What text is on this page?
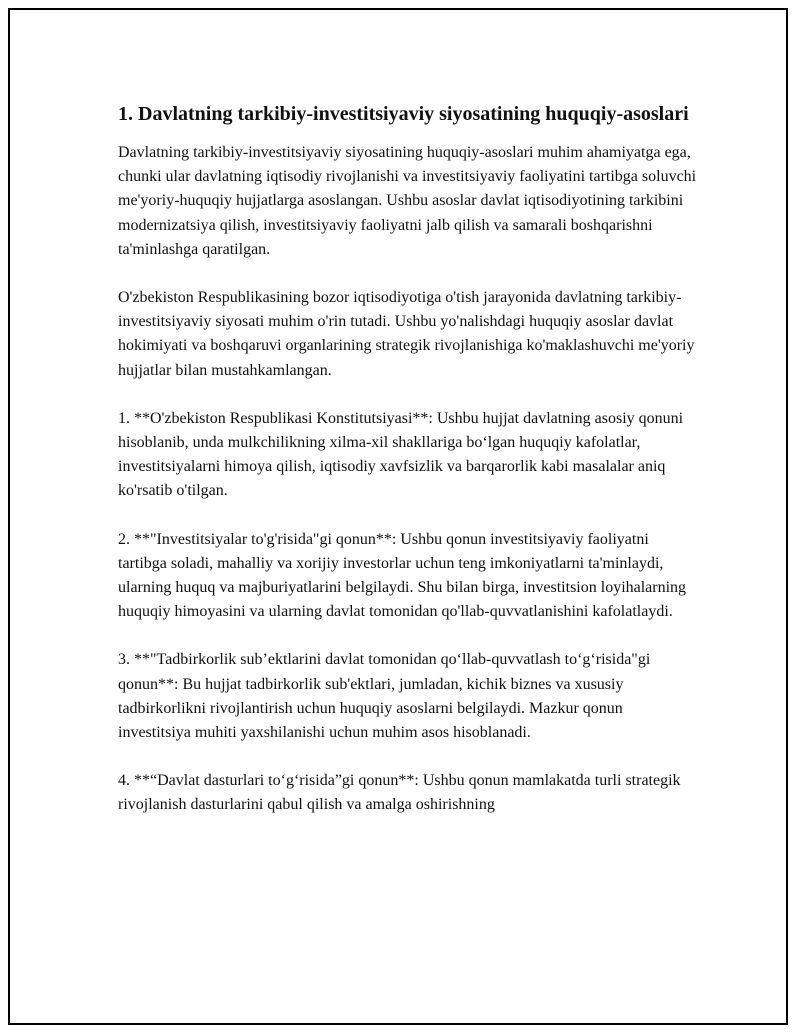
1. Davlatning tarkibiy-investitsiyaviy siyosatining huquqiy-asoslari

Davlatning tarkibiy-investitsiyaviy siyosatining huquqiy-asoslari muhim ahamiyatga ega, chunki ular davlatning iqtisodiy rivojlanishi va investitsiyaviy faoliyatini tartibga soluvchi me'yoriy-huquqiy hujjatlarga asoslangan. Ushbu asoslar davlat iqtisodiyotining tarkibini modernizatsiya qilish, investitsiyaviy faoliyatni jalb qilish va samarali boshqarishni ta'minlashga qaratilgan.

O'zbekiston Respublikasining bozor iqtisodiyotiga o'tish jarayonida davlatning tarkibiy-investitsiyaviy siyosati muhim o'rin tutadi. Ushbu yo'nalishdagi huquqiy asoslar davlat hokimiyati va boshqaruvi organlarining strategik rivojlanishiga ko'maklashuvchi me'yoriy hujjatlar bilan mustahkamlangan.

1. **O'zbekiston Respublikasi Konstitutsiyasi**: Ushbu hujjat davlatning asosiy qonuni hisoblanib, unda mulkchilikning xilma-xil shakllariga bo‘lgan huquqiy kafolatlar, investitsiyalarni himoya qilish, iqtisodiy xavfsizlik va barqarorlik kabi masalalar aniq ko'rsatib o'tilgan.

2. **"Investitsiyalar to'g'risida"gi qonun**: Ushbu qonun investitsiyaviy faoliyatni tartibga soladi, mahalliy va xorijiy investorlar uchun teng imkoniyatlarni ta'minlaydi, ularning huquq va majburiyatlarini belgilaydi. Shu bilan birga, investitsion loyihalarning huquqiy himoyasini va ularning davlat tomonidan qo'llab-quvvatlanishini kafolatlaydi.

3. **"Tadbirkorlik sub’ektlarini davlat tomonidan qo‘llab-quvvatlash to‘g‘risida"gi qonun**: Bu hujjat tadbirkorlik sub'ektlari, jumladan, kichik biznes va xususiy tadbirkorlikni rivojlantirish uchun huquqiy asoslarni belgilaydi. Mazkur qonun investitsiya muhiti yaxshilanishi uchun muhim asos hisoblanadi.

4. **“Davlat dasturlari to‘g‘risida”gi qonun**: Ushbu qonun mamlakatda turli strategik rivojlanish dasturlarini qabul qilish va amalga oshirishning
